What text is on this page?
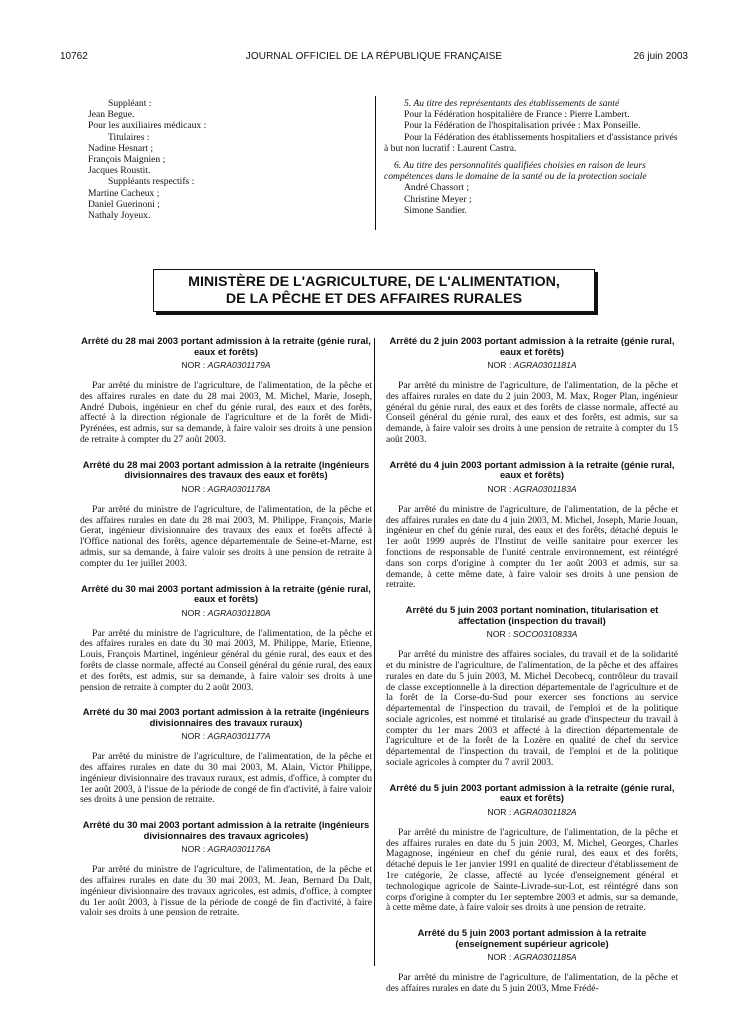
10762	JOURNAL OFFICIEL DE LA RÉPUBLIQUE FRANÇAISE	26 juin 2003
Suppléant :
Jean Begue.
Pour les auxiliaires médicaux :
Titulaires :
Nadine Hesnart ;
François Maignien ;
Jacques Roustit.
Suppléants respectifs :
Martine Cacheux ;
Daniel Guerinoni ;
Nathaly Joyeux.
5. Au titre des représentants des établissements de santé
Pour la Fédération hospitalière de France : Pierre Lambert.
Pour la Fédération de l'hospitalisation privée : Max Ponseille.
Pour la Fédération des établissements hospitaliers et d'assistance privés à but non lucratif : Laurent Castra.
6. Au titre des personnalités qualifiées choisies en raison de leurs compétences dans le domaine de la santé ou de la protection sociale
André Chassort ;
Christine Meyer ;
Simone Sandier.
MINISTÈRE DE L'AGRICULTURE, DE L'ALIMENTATION,
DE LA PÊCHE ET DES AFFAIRES RURALES
Arrêté du 28 mai 2003 portant admission à la retraite (génie rural, eaux et forêts)
NOR : AGRA0301179A
Par arrêté du ministre de l'agriculture, de l'alimentation, de la pêche et des affaires rurales en date du 28 mai 2003, M. Michel, Marie, Joseph, André Dubois, ingénieur en chef du génie rural, des eaux et des forêts, affecté à la direction régionale de l'agriculture et de la forêt de Midi-Pyrénées, est admis, sur sa demande, à faire valoir ses droits à une pension de retraite à compter du 27 août 2003.
Arrêté du 28 mai 2003 portant admission à la retraite (ingénieurs divisionnaires des travaux des eaux et forêts)
NOR : AGRA0301178A
Par arrêté du ministre de l'agriculture, de l'alimentation, de la pêche et des affaires rurales en date du 28 mai 2003, M. Philippe, François, Marie Gerat, ingénieur divisionnaire des travaux des eaux et forêts affecté à l'Office national des forêts, agence départementale de Seine-et-Marne, est admis, sur sa demande, à faire valoir ses droits à une pension de retraite à compter du 1er juillet 2003.
Arrêté du 30 mai 2003 portant admission à la retraite (génie rural, eaux et forêts)
NOR : AGRA0301180A
Par arrêté du ministre de l'agriculture, de l'alimentation, de la pêche et des affaires rurales en date du 30 mai 2003, M. Philippe, Marie, Etienne, Louis, François Martinel, ingénieur général du génie rural, des eaux et des forêts de classe normale, affecté au Conseil général du génie rural, des eaux et des forêts, est admis, sur sa demande, à faire valoir ses droits à une pension de retraite à compter du 2 août 2003.
Arrêté du 30 mai 2003 portant admission à la retraite (ingénieurs divisionnaires des travaux ruraux)
NOR : AGRA0301177A
Par arrêté du ministre de l'agriculture, de l'alimentation, de la pêche et des affaires rurales en date du 30 mai 2003, M. Alain, Victor Philippe, ingénieur divisionnaire des travaux ruraux, est admis, d'office, à compter du 1er août 2003, à l'issue de la période de congé de fin d'activité, à faire valoir ses droits à une pension de retraite.
Arrêté du 30 mai 2003 portant admission à la retraite (ingénieurs divisionnaires des travaux agricoles)
NOR : AGRA0301176A
Par arrêté du ministre de l'agriculture, de l'alimentation, de la pêche et des affaires rurales en date du 30 mai 2003, M. Jean, Bernard Da Dalt, ingénieur divisionnaire des travaux agricoles, est admis, d'office, à compter du 1er août 2003, à l'issue de la période de congé de fin d'activité, à faire valoir ses droits à une pension de retraite.
Arrêté du 2 juin 2003 portant admission à la retraite (génie rural, eaux et forêts)
NOR : AGRA0301181A
Par arrêté du ministre de l'agriculture, de l'alimentation, de la pêche et des affaires rurales en date du 2 juin 2003, M. Max, Roger Plan, ingénieur général du génie rural, des eaux et des forêts de classe normale, affecté au Conseil général du génie rural, des eaux et des forêts, est admis, sur sa demande, à faire valoir ses droits à une pension de retraite à compter du 15 août 2003.
Arrêté du 4 juin 2003 portant admission à la retraite (génie rural, eaux et forêts)
NOR : AGRA0301183A
Par arrêté du ministre de l'agriculture, de l'alimentation, de la pêche et des affaires rurales en date du 4 juin 2003, M. Michel, Joseph, Marie Jouan, ingénieur en chef du génie rural, des eaux et des forêts, détaché depuis le 1er août 1999 auprès de l'Institut de veille sanitaire pour exercer les fonctions de responsable de l'unité centrale environnement, est réintégré dans son corps d'origine à compter du 1er août 2003 et admis, sur sa demande, à cette même date, à faire valoir ses droits à une pension de retraite.
Arrêté du 5 juin 2003 portant nomination, titularisation et affectation (inspection du travail)
NOR : SOCO0310833A
Par arrêté du ministre des affaires sociales, du travail et de la solidarité et du ministre de l'agriculture, de l'alimentation, de la pêche et des affaires rurales en date du 5 juin 2003, M. Michel Decobecq, contrôleur du travail de classe exceptionnelle à la direction départementale de l'agriculture et de la forêt de la Corse-du-Sud pour exercer ses fonctions au service départemental de l'inspection du travail, de l'emploi et de la politique sociale agricoles, est nommé et titularisé au grade d'inspecteur du travail à compter du 1er mars 2003 et affecté à la direction départementale de l'agriculture et de la forêt de la Lozère en qualité de chef du service départemental de l'inspection du travail, de l'emploi et de la politique sociale agricoles à compter du 7 avril 2003.
Arrêté du 5 juin 2003 portant admission à la retraite (génie rural, eaux et forêts)
NOR : AGRA0301182A
Par arrêté du ministre de l'agriculture, de l'alimentation, de la pêche et des affaires rurales en date du 5 juin 2003, M. Michel, Georges, Charles Magagnose, ingénieur en chef du génie rural, des eaux et des forêts, détaché depuis le 1er janvier 1991 en qualité de directeur d'établissement de 1re catégorie, 2e classe, affecté au lycée d'enseignement général et technologique agricole de Sainte-Livrade-sur-Lot, est réintégré dans son corps d'origine à compter du 1er septembre 2003 et admis, sur sa demande, à cette même date, à faire valoir ses droits à une pension de retraite.
Arrêté du 5 juin 2003 portant admission à la retraite (enseignement supérieur agricole)
NOR : AGRA0301185A
Par arrêté du ministre de l'agriculture, de l'alimentation, de la pêche et des affaires rurales en date du 5 juin 2003, Mme Frédé-
